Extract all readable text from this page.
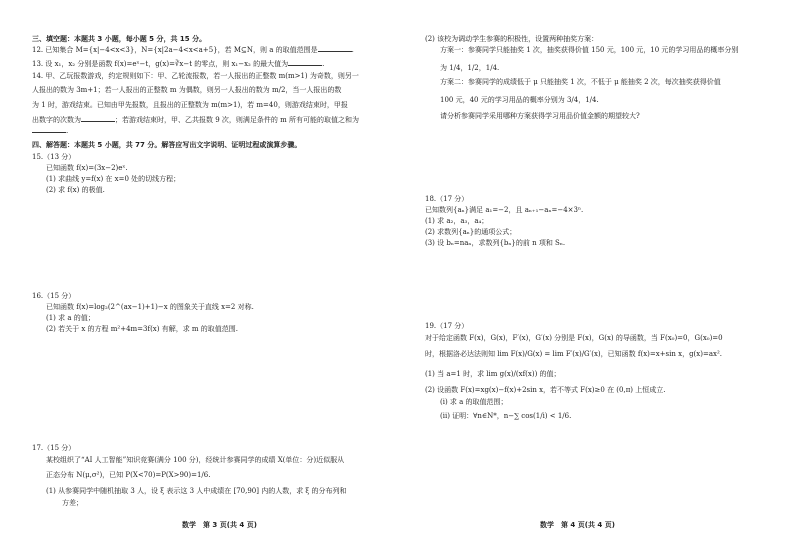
三、填空题：本题共 3 小题，每小题 5 分，共 15 分。
12. 已知集合 M={x|−4<x<3}，N={x|2a−4<x<a+5}，若 M⊆N，则 a 的取值范围是	.
13. 设 x₁，x₂ 分别是函数 f(x)=eˣ−t，g(x)=∛x−t 的零点，则 x₁−x₂ 的最大值为	.
14. 甲、乙玩报数游戏，约定规则如下：甲、乙轮流报数，若一人报出的正整数 m(m>1) 为奇数，则另一
人报出的数为 3m+1；若一人报出的正整数 m 为偶数，则另一人报出的数为 m/2，当一人报出的数
为 1 时，游戏结束。已知由甲先报数，且报出的正整数为 m(m>1)，若 m=40，则游戏结束时，甲报
出数字的次数为	；若游戏结束时，甲、乙共报数 9 次，则满足条件的 m 所有可能的取值之和为
.
四、解答题：本题共 5 小题，共 77 分。解答应写出文字说明、证明过程或演算步骤。
15.（13 分）
已知函数 f(x)=(3x−2)eˣ.
(1) 求曲线 y=f(x) 在 x=0 处的切线方程；
(2) 求 f(x) 的极值.
16.（15 分）
已知函数 f(x)=log₂(2^(ax−1)+1)−x 的图象关于直线 x=2 对称.
(1) 求 a 的值；
(2) 若关于 x 的方程 m²+4m=3f(x) 有解，求 m 的取值范围.
17.（15 分）
某校组织了“AI 人工智能”知识竞赛(满分 100 分)，经统计参赛同学的成绩 X(单位：分)近似服从
正态分布 N(μ,σ²)，已知 P(X<70)=P(X>90)=1/6.
(1) 从参赛同学中随机抽取 3 人，设 ξ 表示这 3 人中成绩在 [70,90] 内的人数，求 ξ 的分布列和
方差；
数学　第 3 页(共 4 页)
(2) 该校为调动学生参赛的积极性，设置两种抽奖方案：
方案一：参赛同学只能抽奖 1 次，抽奖获得价值 150 元，100 元，10 元的学习用品的概率分别
为 1/4，1/2，1/4.
方案二：参赛同学的成绩低于 μ 只能抽奖 1 次，不低于 μ 能抽奖 2 次，每次抽奖获得价值
100 元，40 元的学习用品的概率分别为 3/4，1/4.
请分析参赛同学采用哪种方案获得学习用品价值金额的期望较大?
18.（17 分）
已知数列{aₙ}满足 a₁=−2，且 aₙ₊₁−aₙ=−4×3ⁿ.
(1) 求 a₂，a₃，a₄；
(2) 求数列{aₙ}的通项公式；
(3) 设 bₙ=naₙ，求数列{bₙ}的前 n 项和 Sₙ.
19.（17 分）
对于给定函数 F(x)，G(x)，F′(x)，G′(x) 分别是 F(x)，G(x) 的导函数，当 F(x₀)=0，G(x₀)=0
时，根据洛必达法则知 lim F(x)/G(x) = lim F′(x)/G′(x)，已知函数 f(x)=x+sin x，g(x)=ax².
(1) 当 a=1 时，求 lim g(x)/(xf(x)) 的值；
(2) 设函数 F(x)=xg(x)−f(x)+2sin x，若不等式 F(x)≥0 在 (0,π) 上恒成立.
(i) 求 a 的取值范围；
(ii) 证明：∀n∈N*，n−∑ cos(1/i) < 1/6.
数学　第 4 页(共 4 页)
